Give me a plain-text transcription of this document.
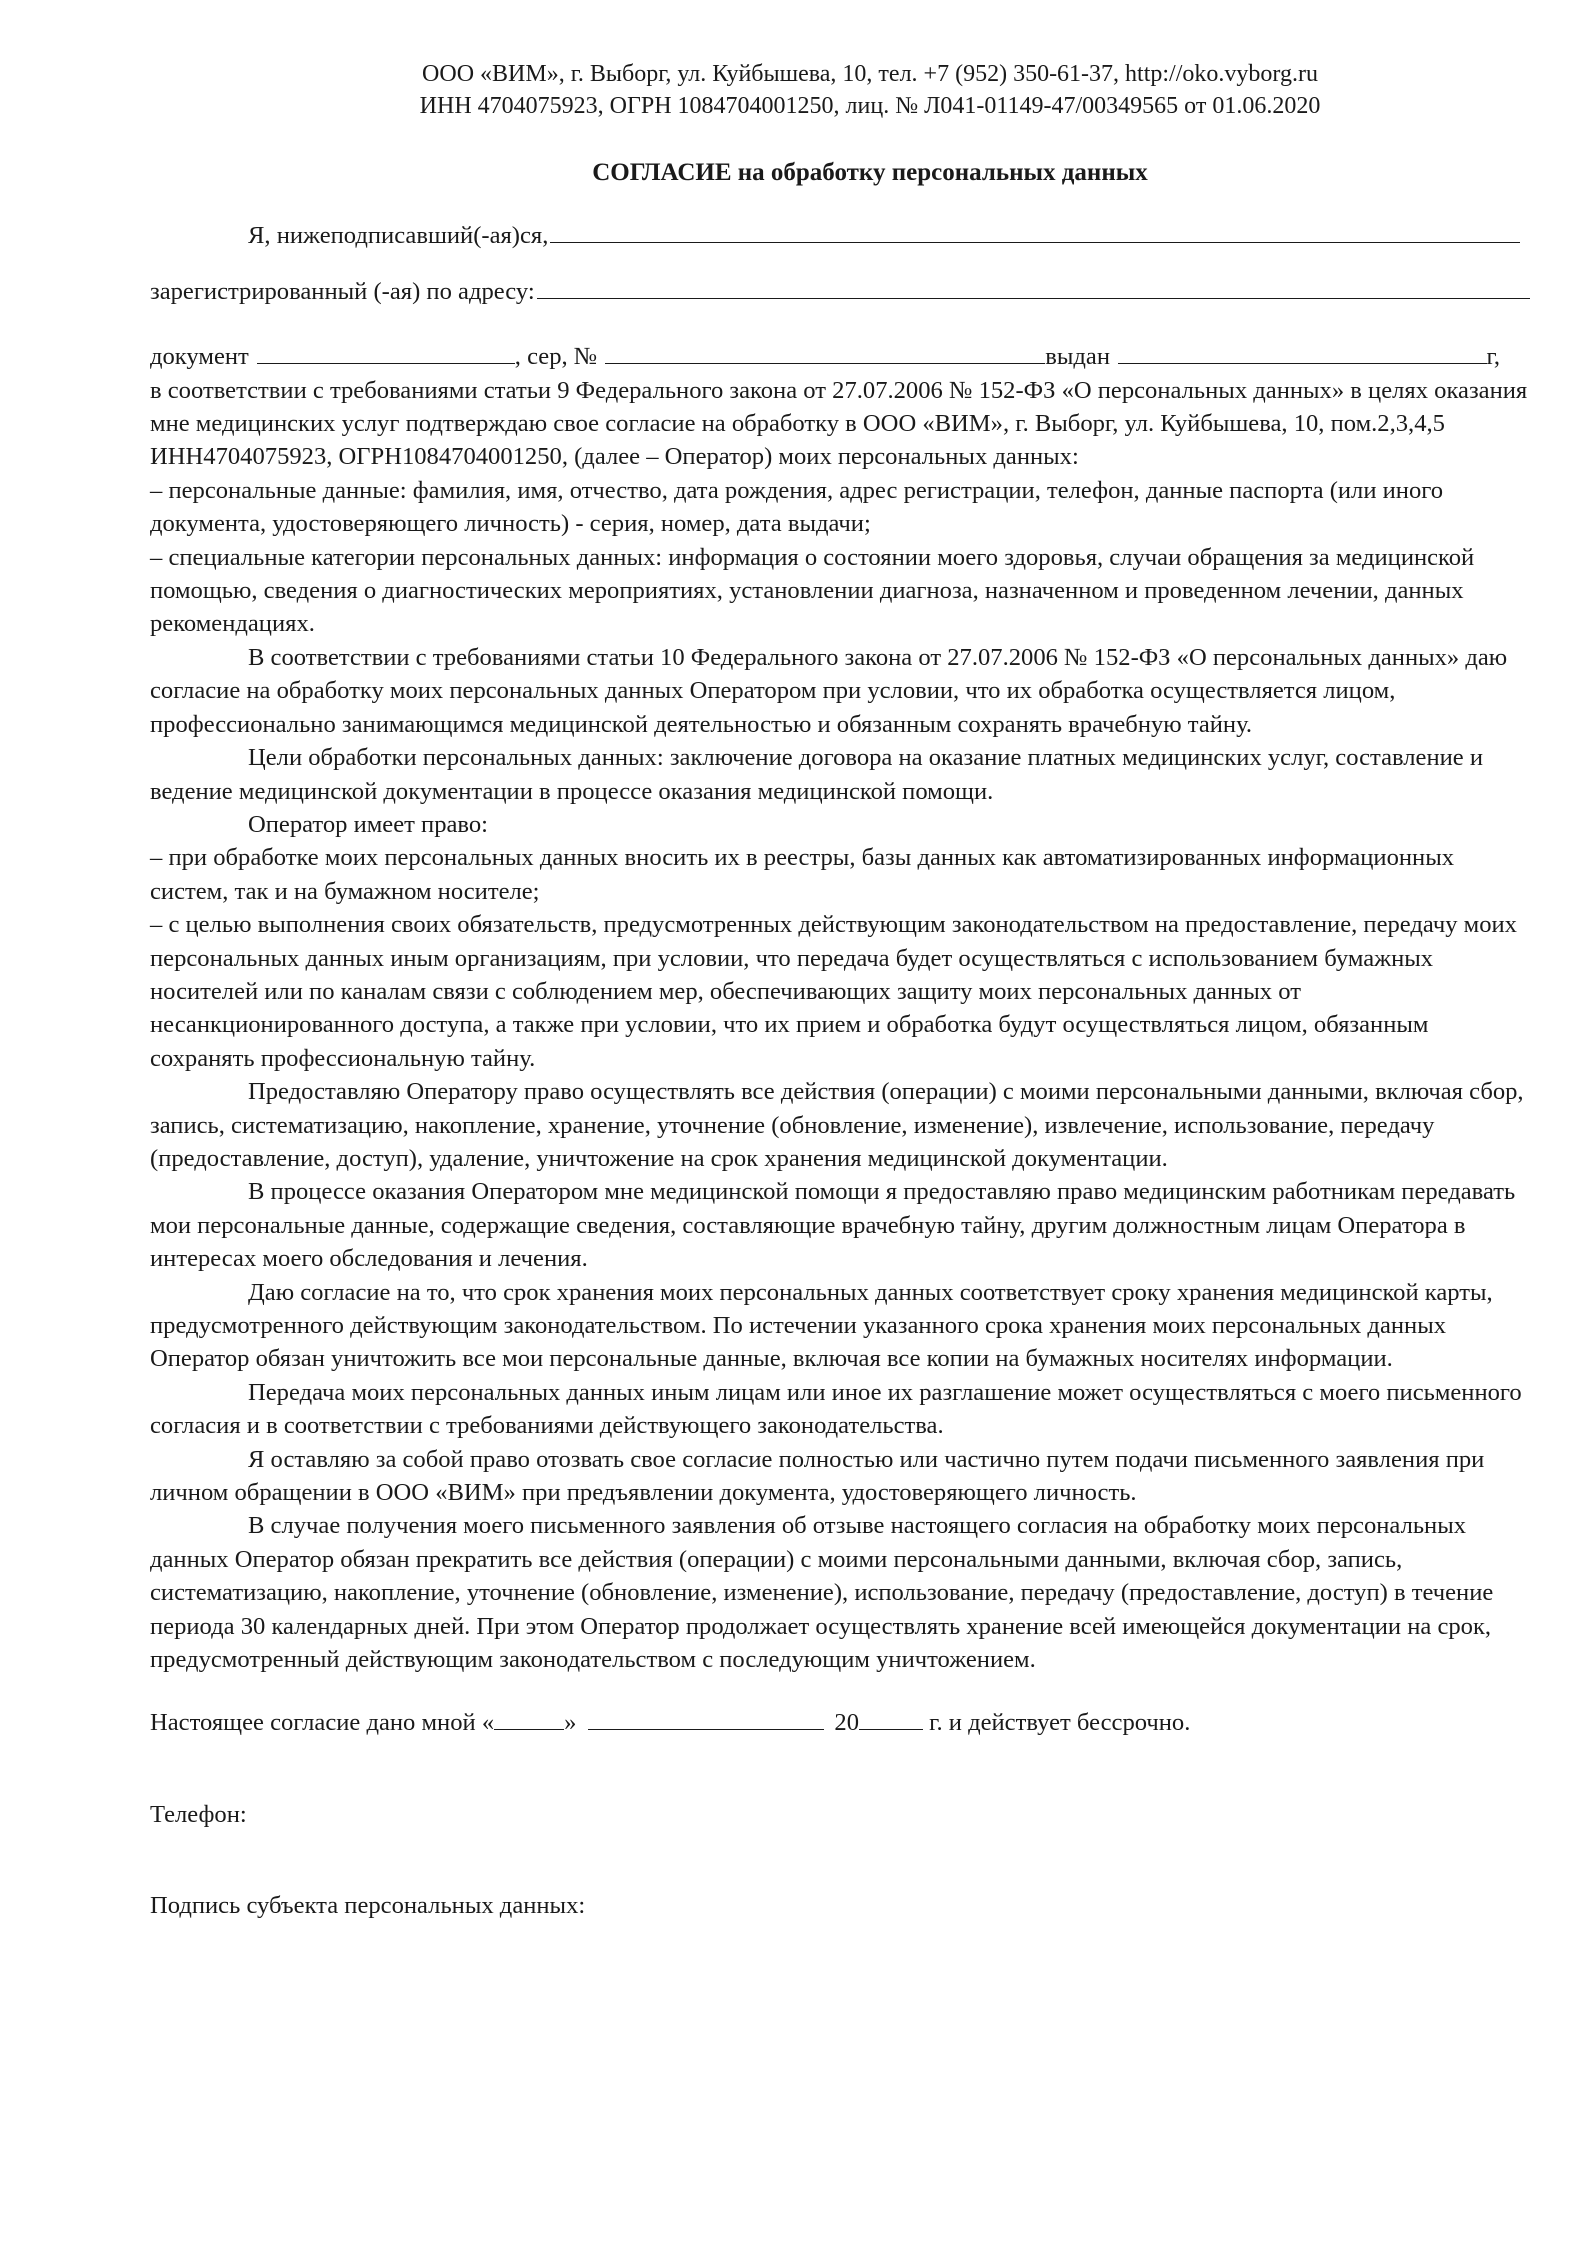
ООО «ВИМ», г. Выборг, ул. Куйбышева, 10, тел. +7 (952) 350-61-37, http://oko.vyborg.ru
ИНН 4704075923, ОГРН 1084704001250, лиц. № Л041-01149-47/00349565 от 01.06.2020
СОГЛАСИЕ на обработку персональных данных
Я, нижеподписавший(-ая)ся,
зарегистрированный (-ая) по адресу:
документ	, сер, №	выдан	г,

в соответствии с требованиями статьи 9 Федерального закона от 27.07.2006 № 152-ФЗ «О персональных данных» в целях оказания мне медицинских услуг подтверждаю свое согласие на обработку в ООО «ВИМ», г. Выборг, ул. Куйбышева, 10, пом.2,3,4,5 ИНН4704075923, ОГРН1084704001250, (далее – Оператор) моих персональных данных:

– персональные данные: фамилия, имя, отчество, дата рождения, адрес регистрации, телефон, данные паспорта (или иного документа, удостоверяющего личность) - серия, номер, дата выдачи;

– специальные категории персональных данных: информация о состоянии моего здоровья, случаи обращения за медицинской помощью, сведения о диагностических мероприятиях, установлении диагноза, назначенном и проведенном лечении, данных рекомендациях.

В соответствии с требованиями статьи 10 Федерального закона от 27.07.2006 № 152-ФЗ «О персональных данных» даю согласие на обработку моих персональных данных Оператором при условии, что их обработка осуществляется лицом, профессионально занимающимся медицинской деятельностью и обязанным сохранять врачебную тайну.

Цели обработки персональных данных: заключение договора на оказание платных медицинских услуг, составление и ведение медицинской документации в процессе оказания медицинской помощи.

Оператор имеет право:

– при обработке моих персональных данных вносить их в реестры, базы данных как автоматизированных информационных систем, так и на бумажном носителе;

– с целью выполнения своих обязательств, предусмотренных действующим законодательством на предоставление, передачу моих персональных данных иным организациям, при условии, что передача будет осуществляться с использованием бумажных носителей или по каналам связи с соблюдением мер, обеспечивающих защиту моих персональных данных от несанкционированного доступа, а также при условии, что их прием и обработка будут осуществляться лицом, обязанным сохранять профессиональную тайну.

Предоставляю Оператору право осуществлять все действия (операции) с моими персональными данными, включая сбор, запись, систематизацию, накопление, хранение, уточнение (обновление, изменение), извлечение, использование, передачу (предоставление, доступ), удаление, уничтожение на срок хранения медицинской документации.

В процессе оказания Оператором мне медицинской помощи я предоставляю право медицинским работникам передавать мои персональные данные, содержащие сведения, составляющие врачебную тайну, другим должностным лицам Оператора в интересах моего обследования и лечения.

Даю согласие на то, что срок хранения моих персональных данных соответствует сроку хранения медицинской карты, предусмотренного действующим законодательством. По истечении указанного срока хранения моих персональных данных Оператор обязан уничтожить все мои персональные данные, включая все копии на бумажных носителях информации.

Передача моих персональных данных иным лицам или иное их разглашение может осуществляться с моего письменного согласия и в соответствии с требованиями действующего законодательства.

Я оставляю за собой право отозвать свое согласие полностью или частично путем подачи письменного заявления при личном обращении в ООО «ВИМ» при предъявлении документа, удостоверяющего личность.

В случае получения моего письменного заявления об отзыве настоящего согласия на обработку моих персональных данных Оператор обязан прекратить все действия (операции) с моими персональными данными, включая сбор, запись, систематизацию, накопление, уточнение (обновление, изменение), использование, передачу (предоставление, доступ) в течение периода 30 календарных дней. При этом Оператор продолжает осуществлять хранение всей имеющейся документации на срок, предусмотренный действующим законодательством с последующим уничтожением.

Настоящее согласие дано мной «	»	20	г. и действует бессрочно.
Телефон:
Подпись субъекта персональных данных:
